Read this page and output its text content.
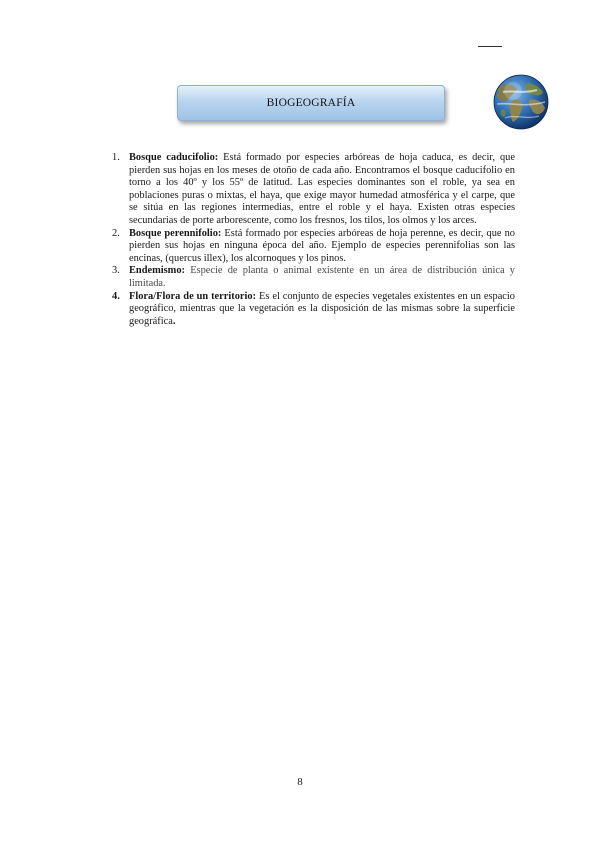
BIOGEOGRAFÍA
1. Bosque caducifolio: Está formado por especies arbóreas de hoja caduca, es decir, que pierden sus hojas en los meses de otoño de cada año. Encontramos el bosque caducifolio en torno a los 40º y los 55º de latitud. Las especies dominantes son el roble, ya sea en poblaciones puras o mixtas, el haya, que exige mayor humedad atmosférica y el carpe, que se sitúa en las regiones intermedias, entre el roble y el haya. Existen otras especies secundarias de porte arborescente, como los fresnos, los tilos, los olmos y los arces.
2. Bosque perennifolio: Está formado por especies arbóreas de hoja perenne, es decir, que no pierden sus hojas en ninguna época del año. Ejemplo de especies perennifolias son las encinas, (quercus illex), los alcornoques y los pinos.
3. Endemismo: Especie de planta o animal existente en un área de distribución única y limitada.
4. Flora/Flora de un territorio: Es el conjunto de especies vegetales existentes en un espacio geográfico, mientras que la vegetación es la disposición de las mismas sobre la superficie geográfica.
8
